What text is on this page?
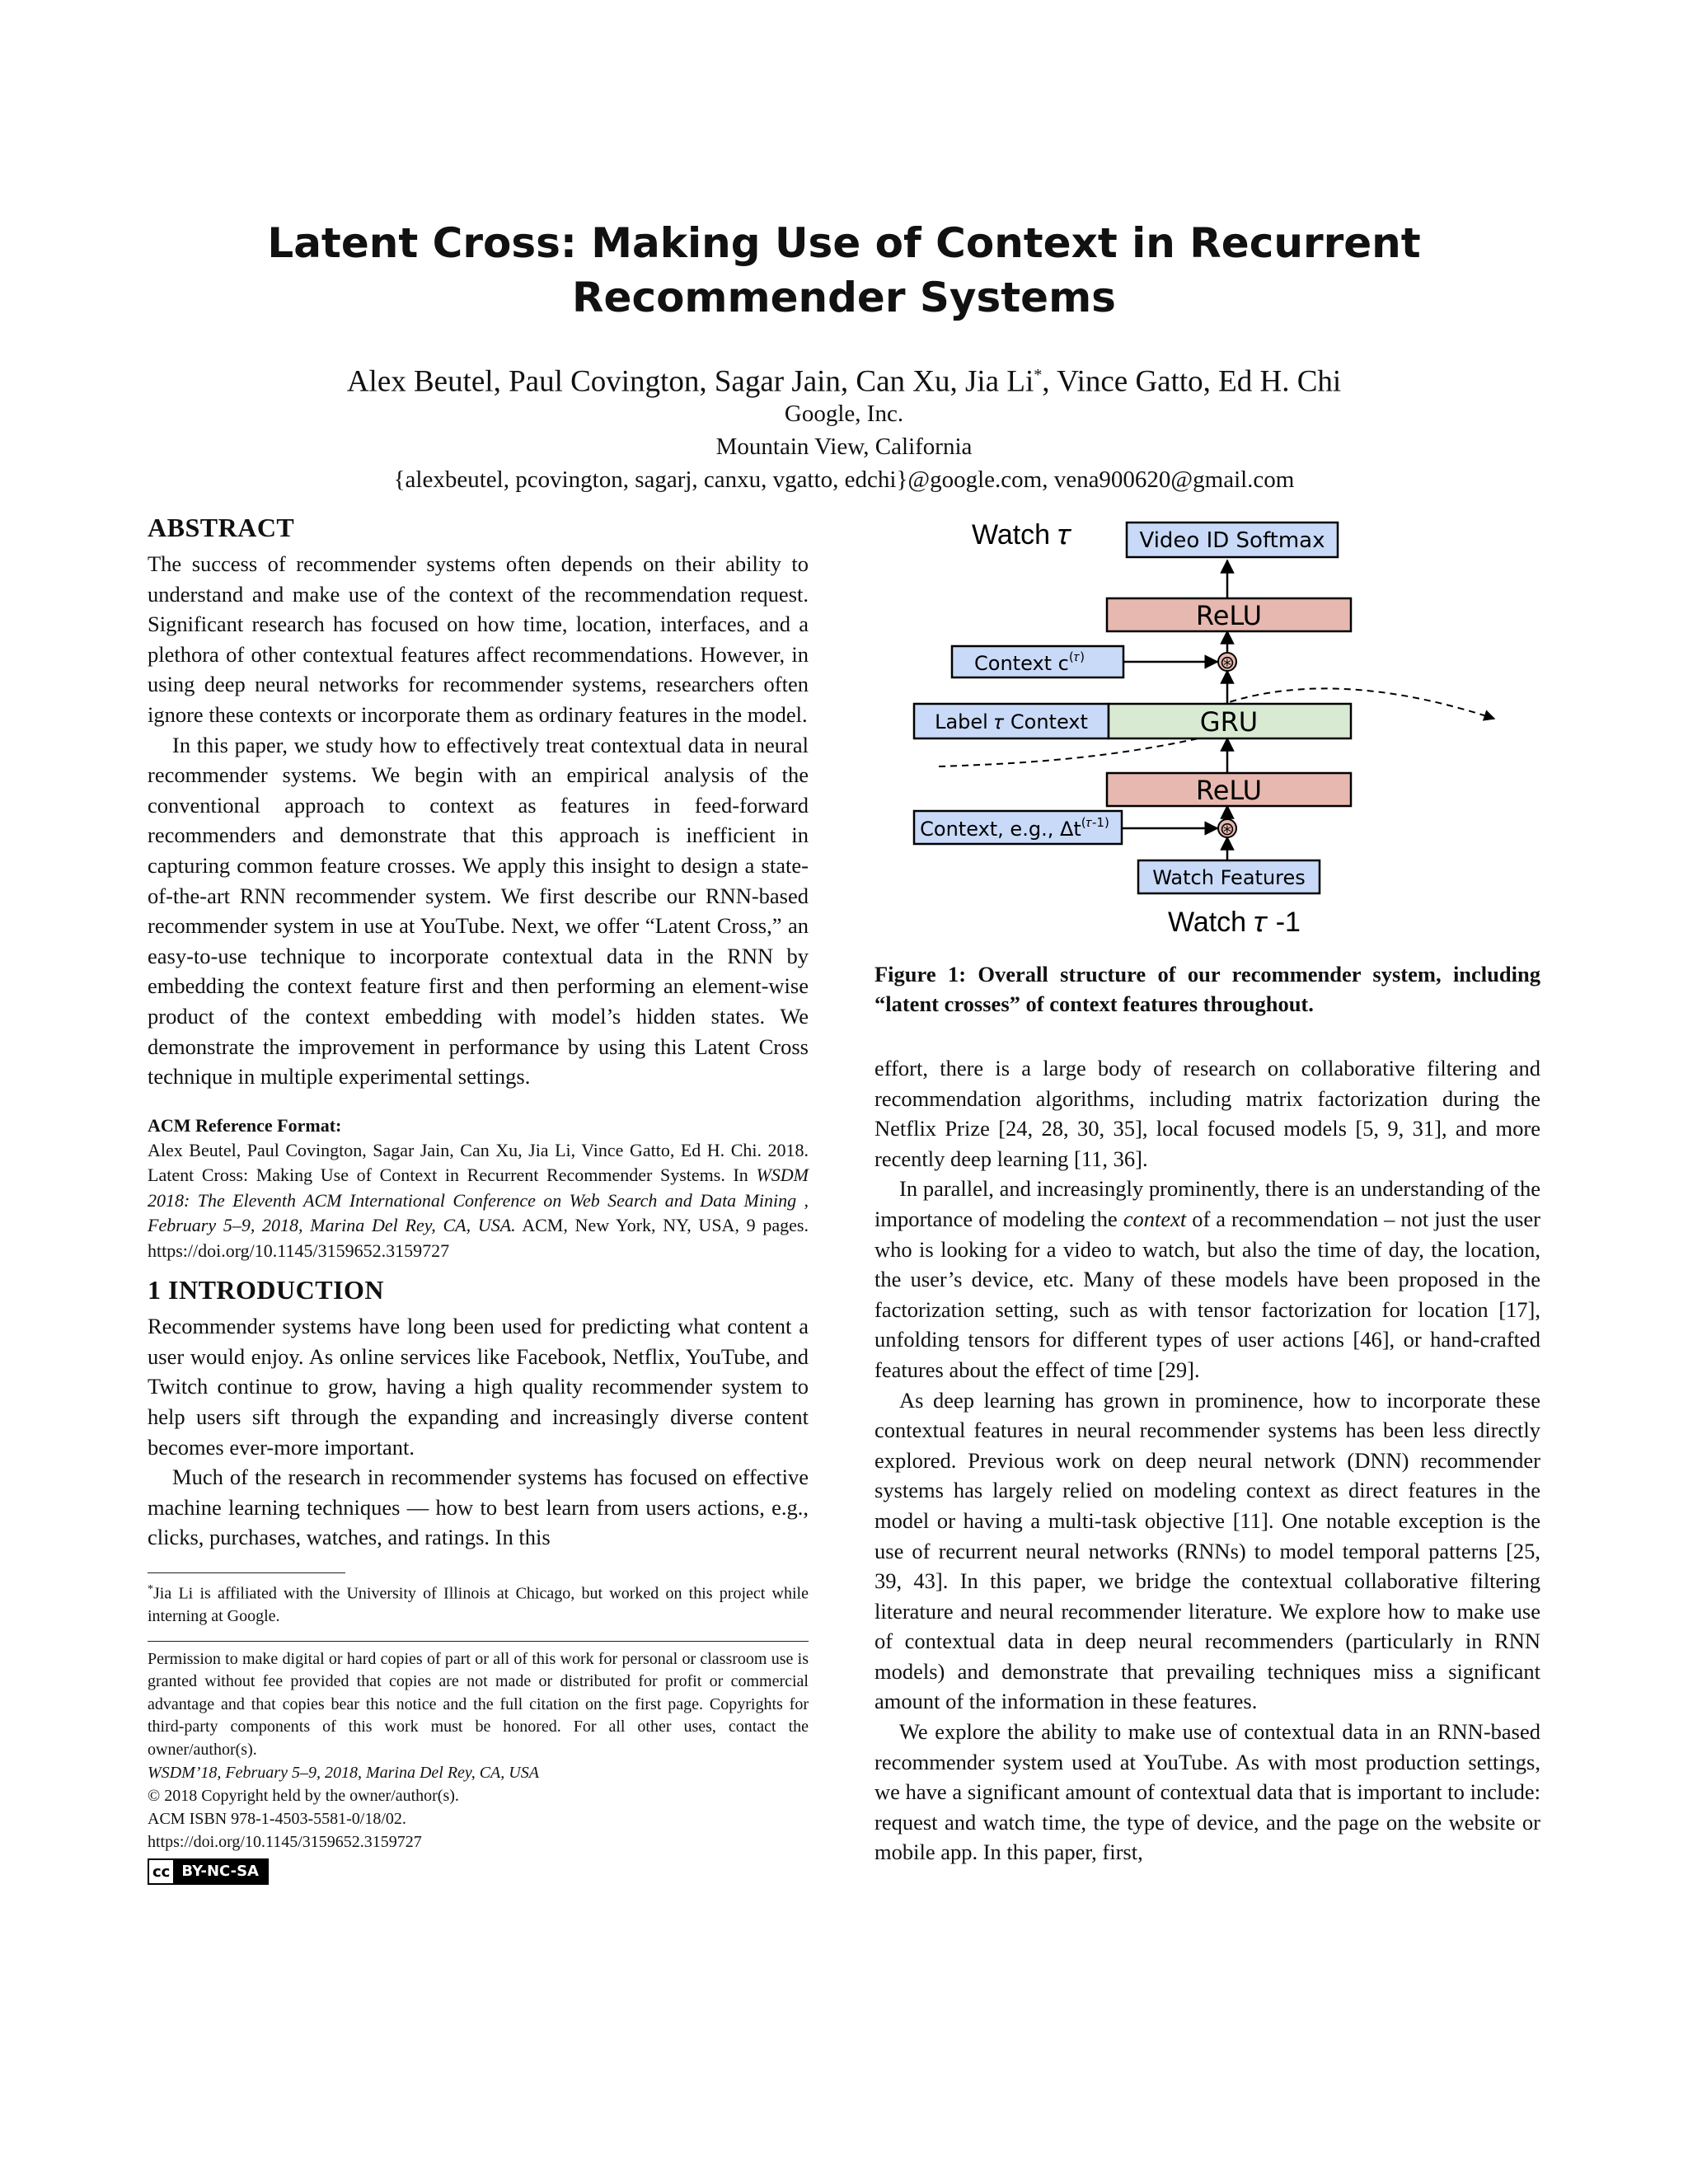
Latent Cross: Making Use of Context in Recurrent
Recommender Systems
Alex Beutel, Paul Covington, Sagar Jain, Can Xu, Jia Li*, Vince Gatto, Ed H. Chi
Google, Inc.
Mountain View, California
{alexbeutel, pcovington, sagarj, canxu, vgatto, edchi}@google.com, vena900620@gmail.com
ABSTRACT

The success of recommender systems often depends on their ability to understand and make use of the context of the recommendation request. Significant research has focused on how time, location, interfaces, and a plethora of other contextual features affect recommendations. However, in using deep neural networks for recommender systems, researchers often ignore these contexts or incorporate them as ordinary features in the model.

In this paper, we study how to effectively treat contextual data in neural recommender systems. We begin with an empirical analysis of the conventional approach to context as features in feed-forward recommenders and demonstrate that this approach is inefficient in capturing common feature crosses. We apply this insight to design a state-of-the-art RNN recommender system. We first describe our RNN-based recommender system in use at YouTube. Next, we offer “Latent Cross,” an easy-to-use technique to incorporate contextual data in the RNN by embedding the context feature first and then performing an element-wise product of the context embedding with model’s hidden states. We demonstrate the improvement in performance by using this Latent Cross technique in multiple experimental settings.

ACM Reference Format:

Alex Beutel, Paul Covington, Sagar Jain, Can Xu, Jia Li, Vince Gatto, Ed H. Chi. 2018. Latent Cross: Making Use of Context in Recurrent Recommender Systems. In WSDM 2018: The Eleventh ACM International Conference on Web Search and Data Mining , February 5–9, 2018, Marina Del Rey, CA, USA. ACM, New York, NY, USA, 9 pages. https://doi.org/10.1145/3159652.3159727

1 INTRODUCTION

Recommender systems have long been used for predicting what content a user would enjoy. As online services like Facebook, Netflix, YouTube, and Twitch continue to grow, having a high quality recommender system to help users sift through the expanding and increasingly diverse content becomes ever-more important.

Much of the research in recommender systems has focused on effective machine learning techniques — how to best learn from users actions, e.g., clicks, purchases, watches, and ratings. In this

*Jia Li is affiliated with the University of Illinois at Chicago, but worked on this project while interning at Google.

Permission to make digital or hard copies of part or all of this work for personal or classroom use is granted without fee provided that copies are not made or distributed for profit or commercial advantage and that copies bear this notice and the full citation on the first page. Copyrights for third-party components of this work must be honored. For all other uses, contact the owner/author(s).

WSDM’18, February 5–9, 2018, Marina Del Rey, CA, USA

© 2018 Copyright held by the owner/author(s).

ACM ISBN 978-1-4503-5581-0/18/02.

https://doi.org/10.1145/3159652.3159727

cc BY-NC-SA
Watch 𝜏	Video ID Softmax
ReLU
Context $c^{(𝜏)}$	⊛
Label 𝜏 Context	GRU
ReLU
Context, e.g., $\Delta t^{(𝜏-1)}$	⊛
Watch Features
Watch 𝜏 -1

Figure 1: Overall structure of our recommender system, including “latent crosses” of context features throughout.

effort, there is a large body of research on collaborative filtering and recommendation algorithms, including matrix factorization during the Netflix Prize [24, 28, 30, 35], local focused models [5, 9, 31], and more recently deep learning [11, 36].

In parallel, and increasingly prominently, there is an understanding of the importance of modeling the context of a recommendation – not just the user who is looking for a video to watch, but also the time of day, the location, the user’s device, etc. Many of these models have been proposed in the factorization setting, such as with tensor factorization for location [17], unfolding tensors for different types of user actions [46], or hand-crafted features about the effect of time [29].

As deep learning has grown in prominence, how to incorporate these contextual features in neural recommender systems has been less directly explored. Previous work on deep neural network (DNN) recommender systems has largely relied on modeling context as direct features in the model or having a multi-task objective [11]. One notable exception is the use of recurrent neural networks (RNNs) to model temporal patterns [25, 39, 43]. In this paper, we bridge the contextual collaborative filtering literature and neural recommender literature. We explore how to make use of contextual data in deep neural recommenders (particularly in RNN models) and demonstrate that prevailing techniques miss a significant amount of the information in these features.

We explore the ability to make use of contextual data in an RNN-based recommender system used at YouTube. As with most production settings, we have a significant amount of contextual data that is important to include: request and watch time, the type of device, and the page on the website or mobile app. In this paper, first,
